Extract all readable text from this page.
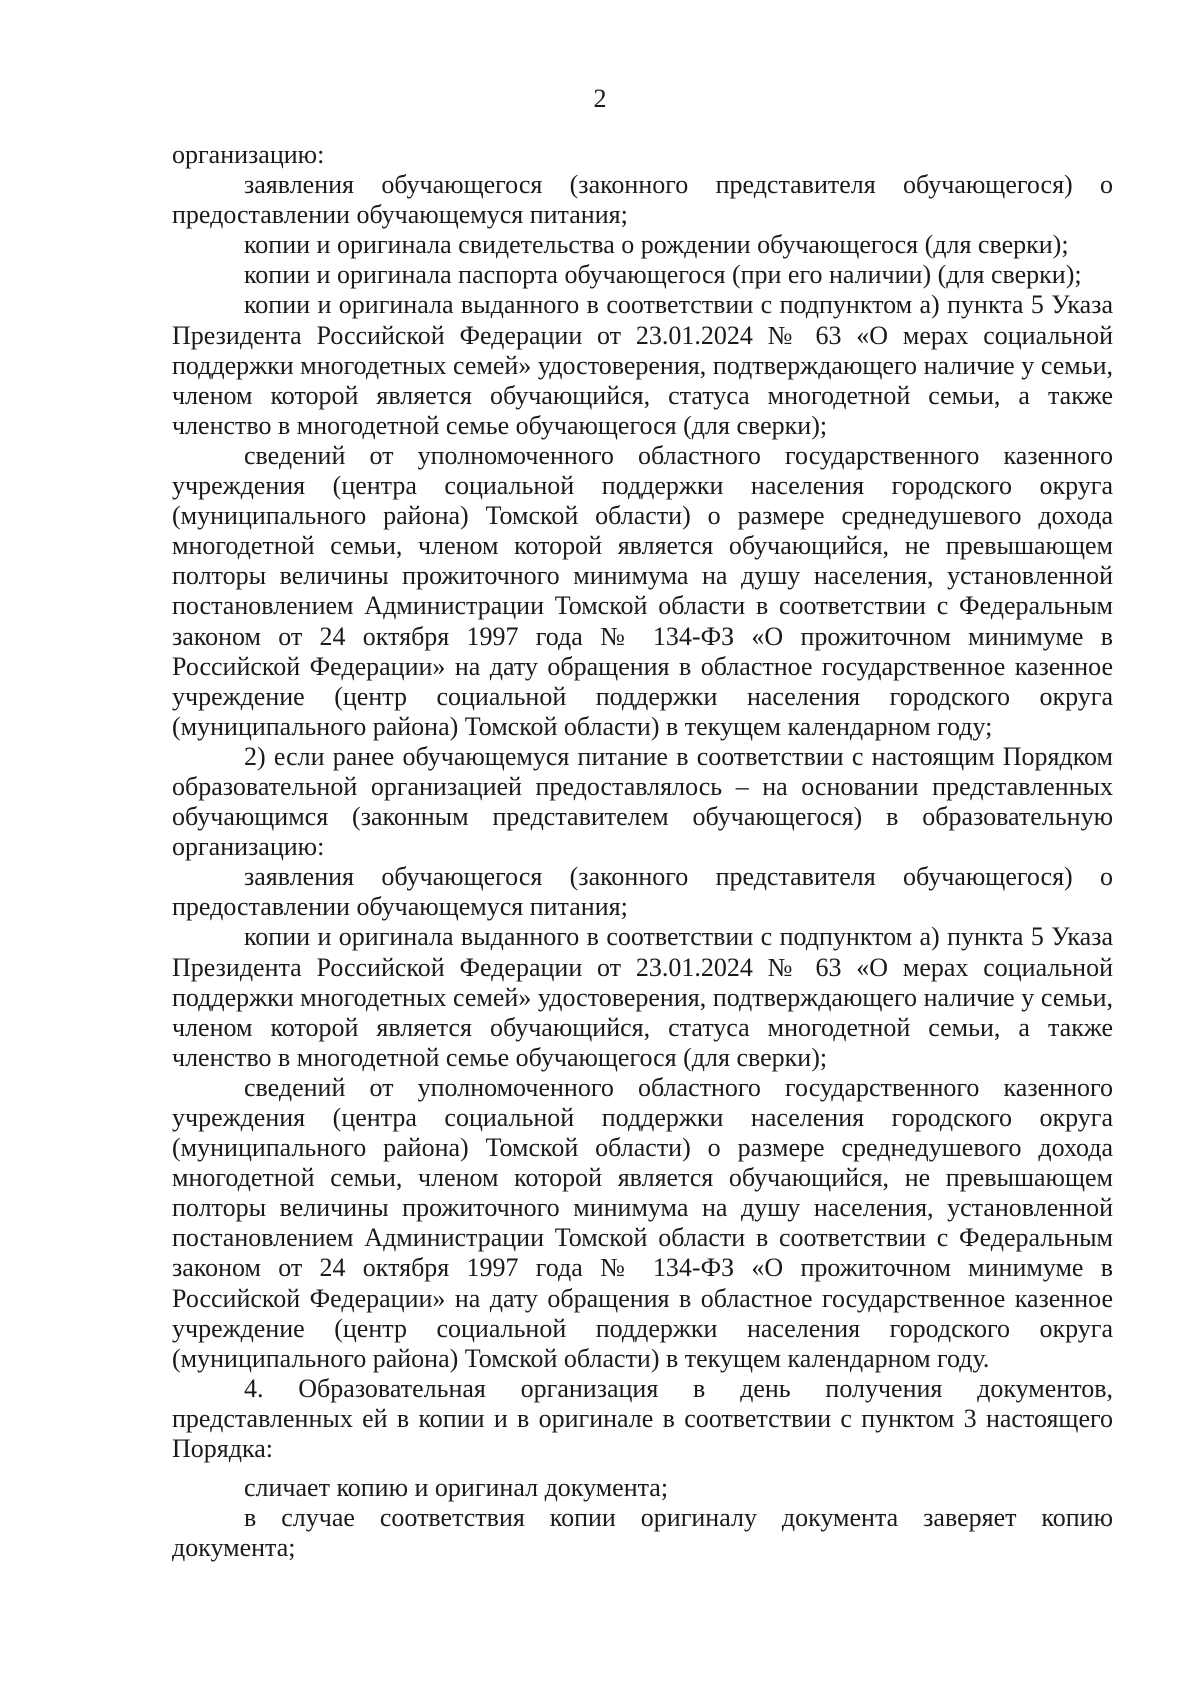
2

организацию:

заявления обучающегося (законного представителя обучающегося) о предоставлении обучающемуся питания;

копии и оригинала свидетельства о рождении обучающегося (для сверки);

копии и оригинала паспорта обучающегося (при его наличии) (для сверки);

копии и оригинала выданного в соответствии с подпунктом а) пункта 5 Указа Президента Российской Федерации от 23.01.2024 № 63 «О мерах социальной поддержки многодетных семей» удостоверения, подтверждающего наличие у семьи, членом которой является обучающийся, статуса многодетной семьи, а также членство в многодетной семье обучающегося (для сверки);

сведений от уполномоченного областного государственного казенного учреждения (центра социальной поддержки населения городского округа (муниципального района) Томской области) о размере среднедушевого дохода многодетной семьи, членом которой является обучающийся, не превышающем полторы величины прожиточного минимума на душу населения, установленной постановлением Администрации Томской области в соответствии с Федеральным законом от 24 октября 1997 года № 134-ФЗ «О прожиточном минимуме в Российской Федерации» на дату обращения в областное государственное казенное учреждение (центр социальной поддержки населения городского округа (муниципального района) Томской области) в текущем календарном году;

2) если ранее обучающемуся питание в соответствии с настоящим Порядком образовательной организацией предоставлялось – на основании представленных обучающимся (законным представителем обучающегося) в образовательную организацию:

заявления обучающегося (законного представителя обучающегося) о предоставлении обучающемуся питания;

копии и оригинала выданного в соответствии с подпунктом а) пункта 5 Указа Президента Российской Федерации от 23.01.2024 № 63 «О мерах социальной поддержки многодетных семей» удостоверения, подтверждающего наличие у семьи, членом которой является обучающийся, статуса многодетной семьи, а также членство в многодетной семье обучающегося (для сверки);

сведений от уполномоченного областного государственного казенного учреждения (центра социальной поддержки населения городского округа (муниципального района) Томской области) о размере среднедушевого дохода многодетной семьи, членом которой является обучающийся, не превышающем полторы величины прожиточного минимума на душу населения, установленной постановлением Администрации Томской области в соответствии с Федеральным законом от 24 октября 1997 года № 134-ФЗ «О прожиточном минимуме в Российской Федерации» на дату обращения в областное государственное казенное учреждение (центр социальной поддержки населения городского округа (муниципального района) Томской области) в текущем календарном году.

4. Образовательная организация в день получения документов, представленных ей в копии и в оригинале в соответствии с пунктом 3 настоящего Порядка:

сличает копию и оригинал документа;

в случае соответствия копии оригиналу документа заверяет копию документа;
